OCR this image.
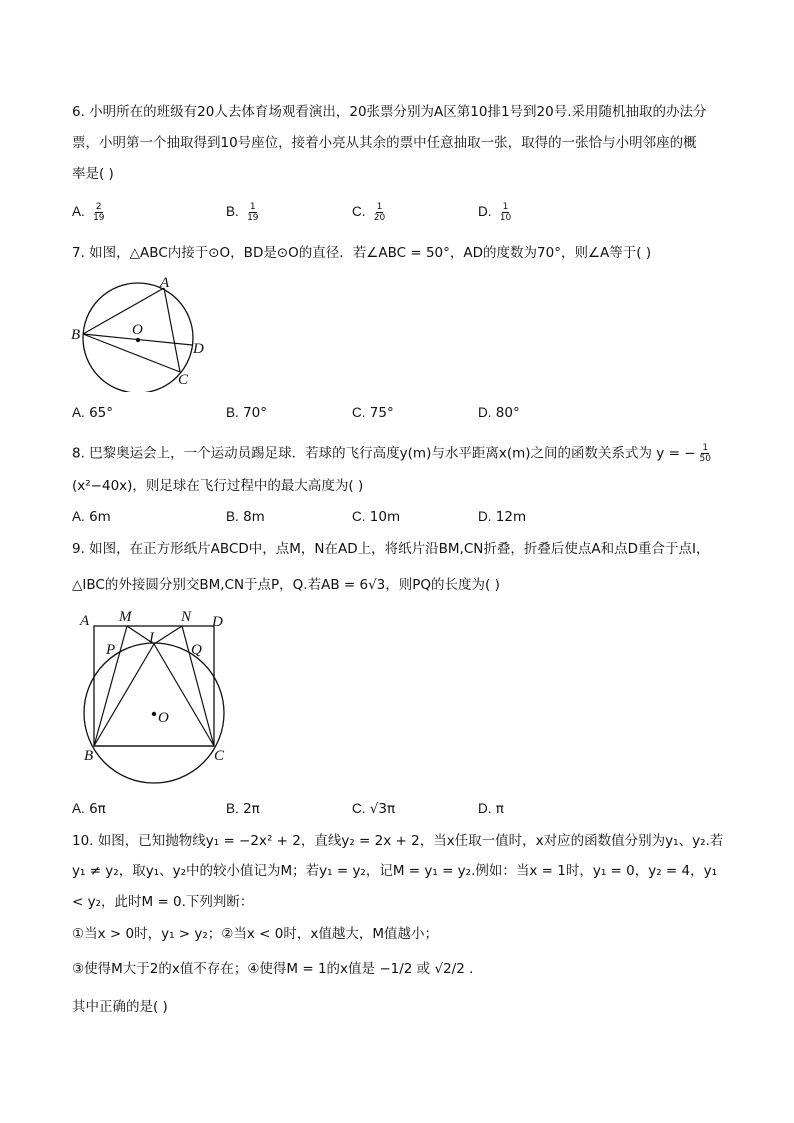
6. 小明所在的班级有20人去体育场观看演出，20张票分别为A区第10排1号到20号.采用随机抽取的办法分
票，小明第一个抽取得到10号座位，接着小亮从其余的票中任意抽取一张，取得的一张恰与小明邻座的概
率是( )
A. $\frac{2}{19}$	B. $\frac{1}{19}$	C. $\frac{1}{20}$	D. $\frac{1}{10}$
7. 如图，△ABC内接于⊙O，BD是⊙O的直径．若∠ABC = 50°，AD的度数为70°，则∠A等于( )
A
B
C
D
O
A. 65°	B. 70°	C. 75°	D. 80°
8. 巴黎奥运会上，一个运动员踢足球．若球的飞行高度y(m)与水平距离x(m)之间的函数关系式为 y = − $\frac{1}{50}$
(x²−40x)，则足球在飞行过程中的最大高度为( )
A. 6m	B. 8m	C. 10m	D. 12m
9. 如图，在正方形纸片ABCD中，点M，N在AD上，将纸片沿BM,CN折叠，折叠后使点A和点D重合于点I，
△IBC的外接圆分别交BM,CN于点P，Q.若AB = 6√3，则PQ的长度为( )
A M	N D
I
P	Q
O
B	C
A. 6π	B. 2π	C. √3π	D. π
10. 如图，已知抛物线y₁ = −2x² + 2，直线y₂ = 2x + 2，当x任取一值时，x对应的函数值分别为y₁、y₂.若
y₁ ≠ y₂，取y₁、y₂中的较小值记为M；若y₁ = y₂，记M = y₁ = y₂.例如：当x = 1时，y₁ = 0，y₂ = 4，y₁
< y₂，此时M = 0.下列判断：
①当x > 0时，y₁ > y₂；②当x < 0时，x值越大，M值越小；
③使得M大于2的x值不存在；④使得M = 1的x值是 −1/2 或 √2/2 .
其中正确的是( )
